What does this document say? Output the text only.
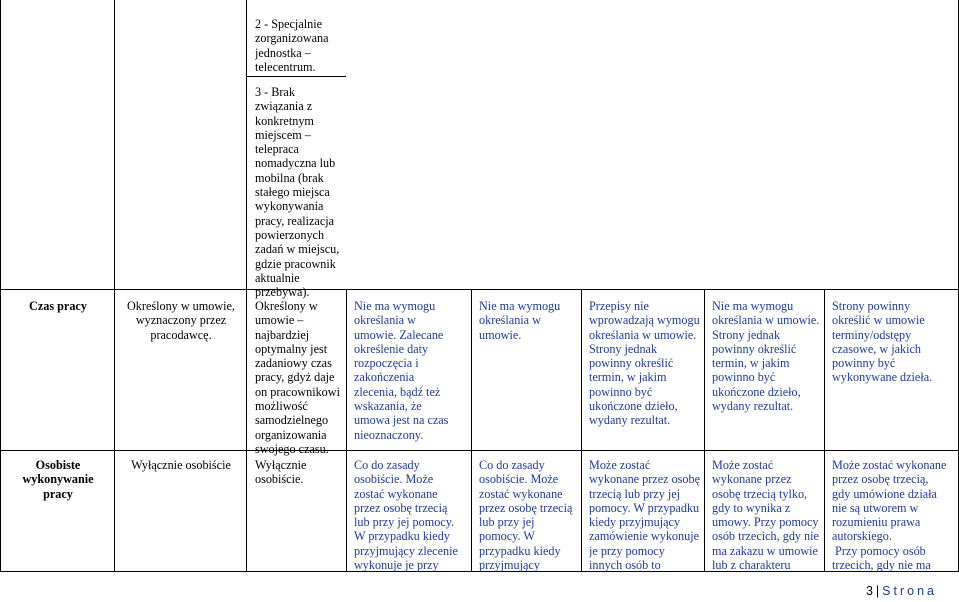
2 - Specjalnie
zorganizowana
jednostka –
telecentrum.
3 - Brak
związania z
konkretnym
miejscem –
telepraca
nomadyczna lub
mobilna (brak
stałego miejsca
wykonywania
pracy, realizacja
powierzonych
zadań w miejscu,
gdzie pracownik
aktualnie
przebywa).
Czas pracy	Określony w umowie,
wyznaczony przez
pracodawcę.
Określony w
umowie –
najbardziej
optymalny jest
zadaniowy czas
pracy, gdyż daje
on pracownikowi
możliwość
samodzielnego
organizowania
swojego czasu.
Nie ma wymogu
określania w
umowie. Zalecane
określenie daty
rozpoczęcia i
zakończenia
zlecenia, bądź też
wskazania, że
umowa jest na czas
nieoznaczony.
Nie ma wymogu
określania w
umowie.
Przepisy nie
wprowadzają wymogu
określania w umowie.
Strony jednak
powinny określić
termin, w jakim
powinno być
ukończone dzieło,
wydany rezultat.
Nie ma wymogu
określania w umowie.
Strony jednak
powinny określić
termin, w jakim
powinno być
ukończone dzieło,
wydany rezultat.
Strony powinny
określić w umowie
terminy/odstępy
czasowe, w jakich
powinny być
wykonywane dzieła.
Osobiste
wykonywanie
pracy
Wyłącznie osobiście	Wyłącznie
osobiście.
Co do zasady
osobiście. Może
zostać wykonane
przez osobę trzecią
lub przy jej pomocy.
W przypadku kiedy
przyjmujący zlecenie
wykonuje je przy
Co do zasady
osobiście. Może
zostać wykonane
przez osobę trzecią
lub przy jej
pomocy. W
przypadku kiedy
przyjmujący
Może zostać
wykonane przez osobę
trzecią lub przy jej
pomocy. W przypadku
kiedy przyjmujący
zamówienie wykonuje
je przy pomocy
innych osób to
Może zostać
wykonane przez
osobę trzecią tylko,
gdy to wynika z
umowy. Przy pomocy
osób trzecich, gdy nie
ma zakazu w umowie
lub z charakteru
Może zostać wykonane
przez osobę trzecią,
gdy umówione działa
nie są utworem w
rozumieniu prawa
autorskiego.
Przy pomocy osób
trzecich, gdy nie ma
3 | Strona
